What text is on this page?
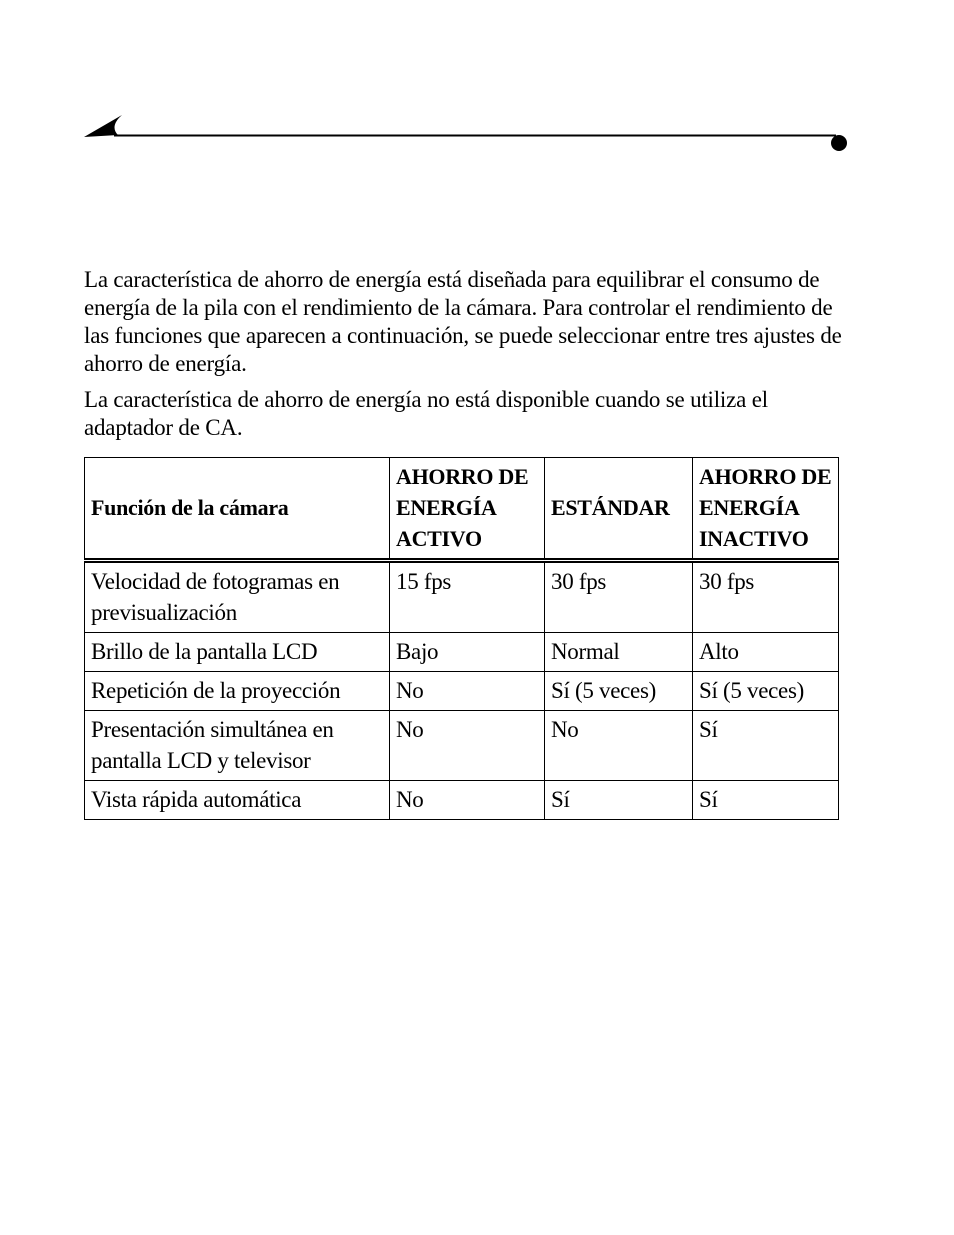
La característica de ahorro de energía está diseñada para equilibrar el consumo de energía de la pila con el rendimiento de la cámara. Para controlar el rendimiento de las funciones que aparecen a continuación, se puede seleccionar entre tres ajustes de ahorro de energía.

La característica de ahorro de energía no está disponible cuando se utiliza el adaptador de CA.

Función de la cámara	AHORRO DE ENERGÍA ACTIVO	ESTÁNDAR	AHORRO DE ENERGÍA INACTIVO
Velocidad de fotogramas en previsualización	15 fps	30 fps	30 fps
Brillo de la pantalla LCD	Bajo	Normal	Alto
Repetición de la proyección	No	Sí (5 veces)	Sí (5 veces)
Presentación simultánea en pantalla LCD y televisor	No	No	Sí
Vista rápida automática	No	Sí	Sí
